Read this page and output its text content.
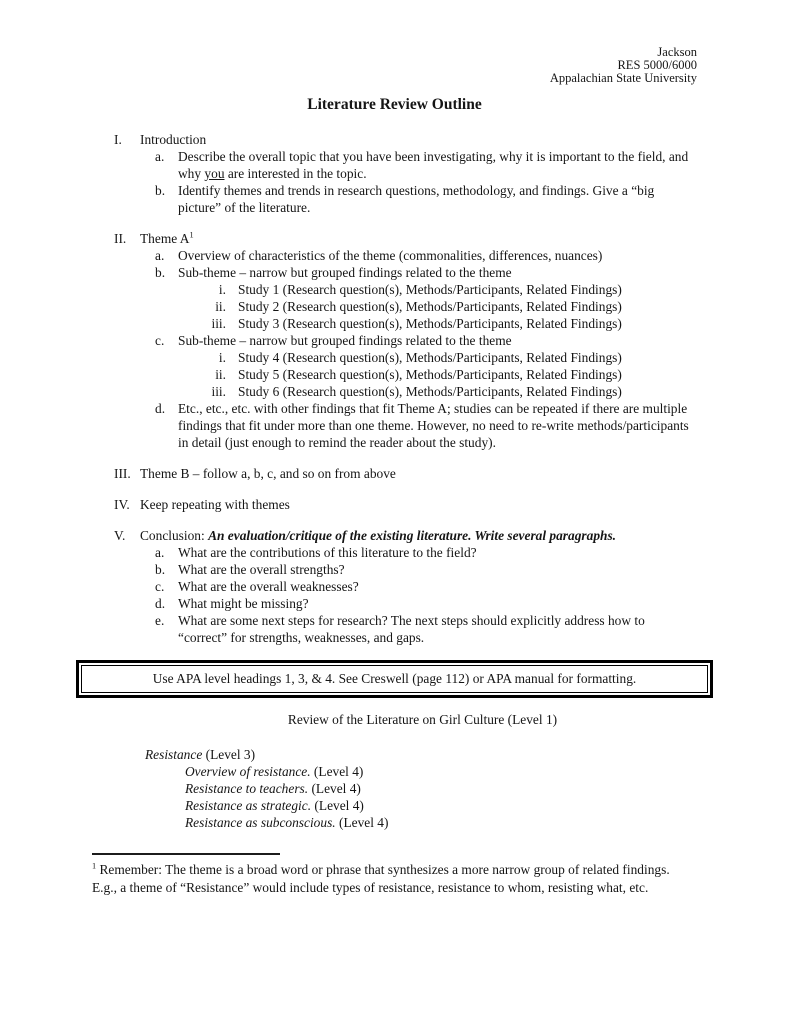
Jackson
RES 5000/6000
Appalachian State University
Literature Review Outline
I.	Introduction
a.	Describe the overall topic that you have been investigating, why it is important to the field, and why you are interested in the topic.
b. Identify themes and trends in research questions, methodology, and findings. Give a “big picture” of the literature.
II.	Theme $A^1$
a.	Overview of characteristics of the theme (commonalities, differences, nuances)
b. Sub-theme – narrow but grouped findings related to the theme
i. Study 1 (Research question(s), Methods/Participants, Related Findings)
ii. Study 2 (Research question(s), Methods/Participants, Related Findings)
iii. Study 3 (Research question(s), Methods/Participants, Related Findings)
c.	Sub-theme – narrow but grouped findings related to the theme
i. Study 4 (Research question(s), Methods/Participants, Related Findings)
ii. Study 5 (Research question(s), Methods/Participants, Related Findings)
iii. Study 6 (Research question(s), Methods/Participants, Related Findings)
d. Etc., etc., etc. with other findings that fit Theme A; studies can be repeated if there are multiple findings that fit under more than one theme. However, no need to re-write methods/participants in detail (just enough to remind the reader about the study).
III. Theme B – follow a, b, c, and so on from above
IV. Keep repeating with themes
V.	Conclusion: An evaluation/critique of the existing literature. Write several paragraphs.
a.	What are the contributions of this literature to the field?
b. What are the overall strengths?
c.	What are the overall weaknesses?
d. What might be missing?
e.	What are some next steps for research? The next steps should explicitly address how to “correct” for strengths, weaknesses, and gaps.
Use APA level headings 1, 3, & 4. See Creswell (page 112) or APA manual for formatting.
Review of the Literature on Girl Culture (Level 1)
Resistance (Level 3)
Overview of resistance. (Level 4)
Resistance to teachers. (Level 4)
Resistance as strategic. (Level 4)
Resistance as subconscious. (Level 4)
$^1$ Remember: The theme is a broad word or phrase that synthesizes a more narrow group of related findings. E.g., a theme of “Resistance” would include types of resistance, resistance to whom, resisting what, etc.
